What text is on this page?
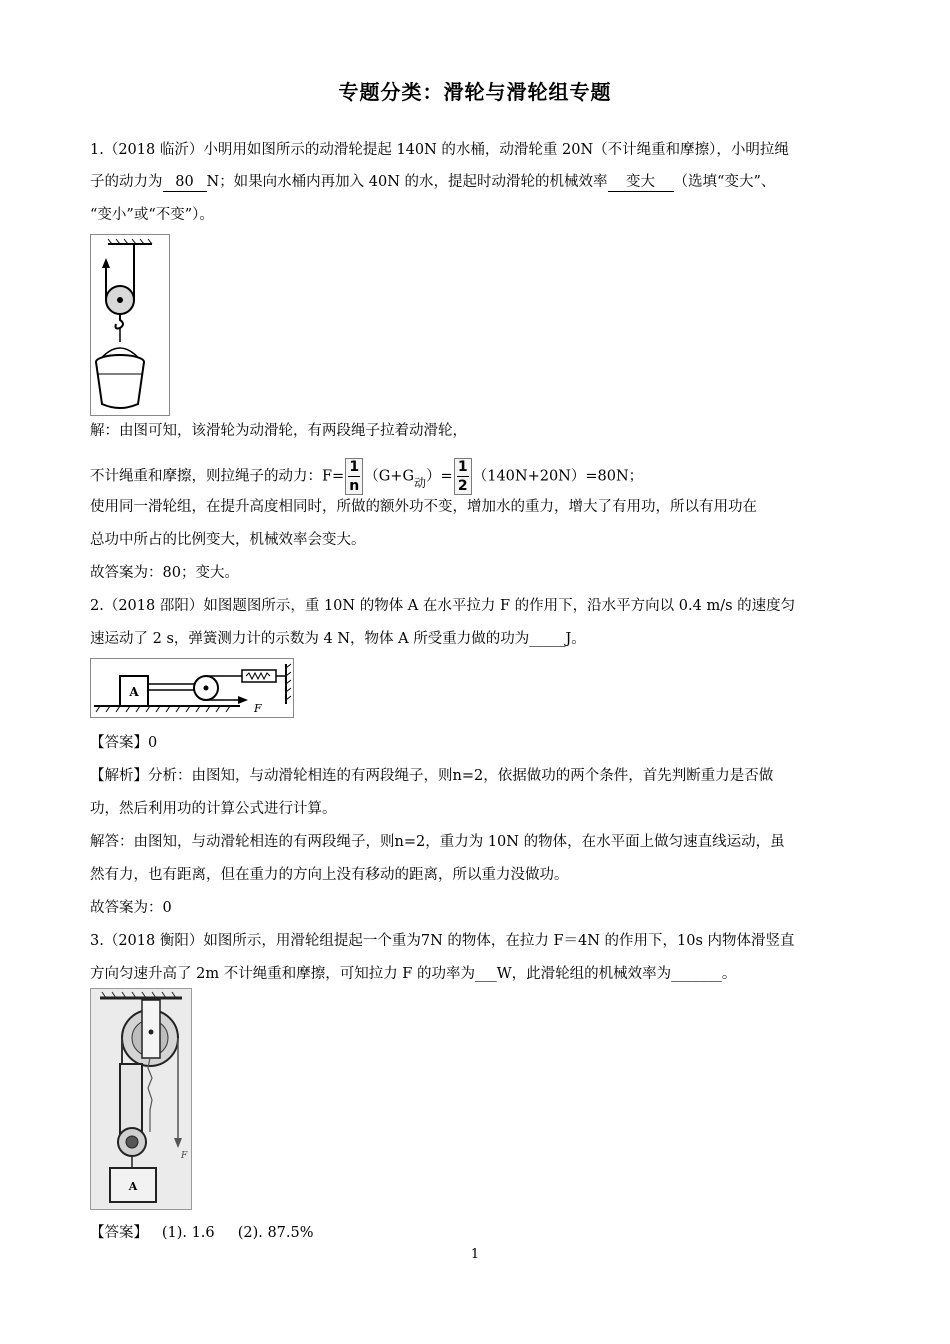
专题分类：滑轮与滑轮组专题
1.（2018 临沂）小明用如图所示的动滑轮提起 140N 的水桶，动滑轮重 20N（不计绳重和摩擦），小明拉绳
子的动力为 80 N；如果向水桶内再加入 40N 的水，提起时动滑轮的机械效率 变大 （选填“变大”、
“变小”或“不变”）。
解：由图可知，该滑轮为动滑轮，有两段绳子拉着动滑轮，
不计绳重和摩擦，则拉绳子的动力：$F= \frac{1}{n} (G+G_动)= \frac{1}{2} (140N+20N)=80N$；
使用同一滑轮组，在提升高度相同时，所做的额外功不变，增加水的重力，增大了有用功，所以有用功在
总功中所占的比例变大，机械效率会变大。
故答案为：80；变大。
2.（2018 邵阳）如图题图所示，重 10N 的物体 A 在水平拉力 F 的作用下，沿水平方向以 0.4 m/s 的速度匀
速运动了 2 s，弹簧测力计的示数为 4 N，物体 A 所受重力做的功为_____J。
A
F
【答案】0
【解析】分析：由图知，与动滑轮相连的有两段绳子，则n=2，依据做功的两个条件，首先判断重力是否做
功，然后利用功的计算公式进行计算。
解答：由图知，与动滑轮相连的有两段绳子，则n=2，重力为 10N 的物体，在水平面上做匀速直线运动，虽
然有力，也有距离，但在重力的方向上没有移动的距离，所以重力没做功。
故答案为：0
3.（2018 衡阳）如图所示，用滑轮组提起一个重为7N 的物体，在拉力 F＝4N 的作用下，10s 内物体滑竖直
方向匀速升高了 2m 不计绳重和摩擦，可知拉力 F 的功率为___W，此滑轮组的机械效率为_______。
F
A
【答案】   (1). 1.6     (2). 87.5%
1
